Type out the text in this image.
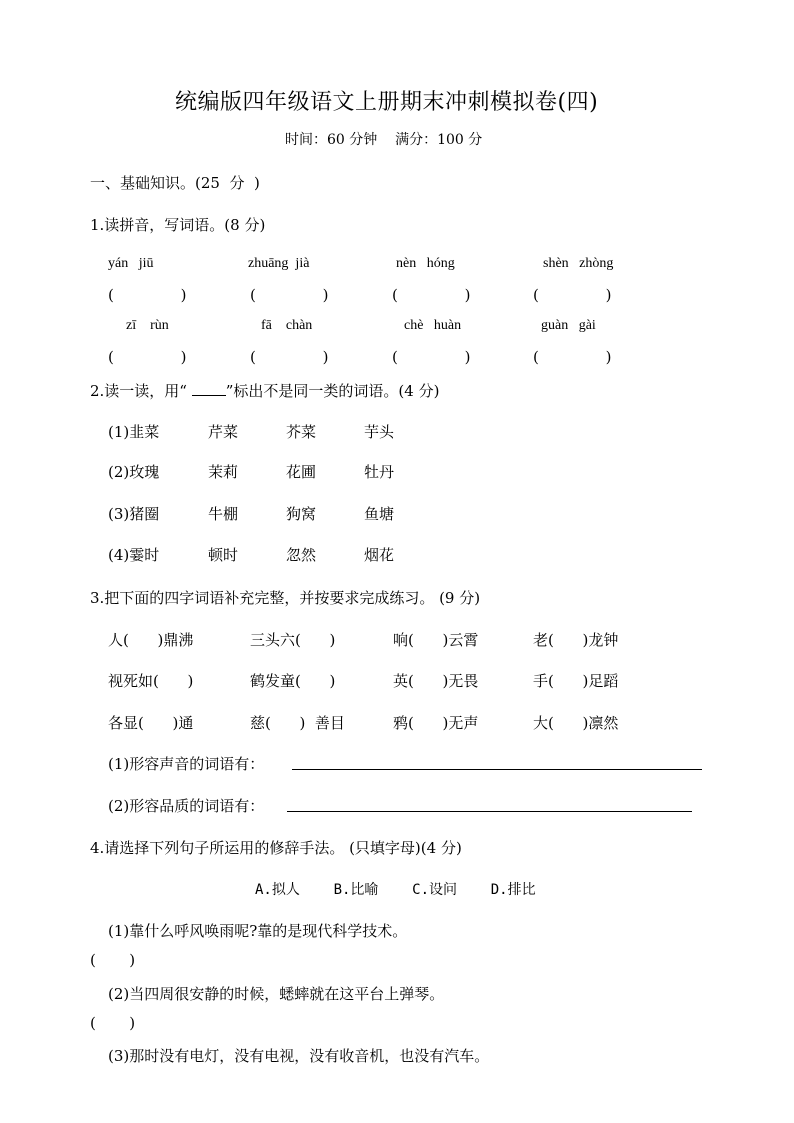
统编版四年级语文上册期末冲刺模拟卷(四)
时间：60 分钟    满分：100 分
一、基础知识。(25  分  )
1.读拼音，写词语。(8 分)
yán   jiū	zhuāng  jià	nèn   hóng	shèn   zhòng
(              )	(              )	(              )	(              )
zī    rùn	fā    chàn	chè   huàn	guàn   gài
(              )	(              )	(              )	(              )
2.读一读，用“ ”标出不是同一类的词语。(4 分)
(1)韭菜	芹菜	芥菜	芋头
(2)玫瑰	茉莉	花圃	牡丹
(3)猪圈	牛棚	狗窝	鱼塘
(4)霎时	顿时	忽然	烟花
3.把下面的四字词语补充完整，并按要求完成练习。 (9 分)
人(      )鼎沸	三头六(      )	响(      )云霄	老(      )龙钟
视死如(      )	鹤发童(      )	英(      )无畏	手(      )足蹈
各显(      )通	慈(      )  善目	鸦(      )无声	大(      )凛然
(1)形容声音的词语有：
(2)形容品质的词语有：
4.请选择下列句子所运用的修辞手法。 (只填字母)(4 分)
A.拟人    B.比喻    C.设问    D.排比
(1)靠什么呼风唤雨呢?靠的是现代科学技术。
(       )
(2)当四周很安静的时候，蟋蟀就在这平台上弹琴。
(       )
(3)那时没有电灯，没有电视，没有收音机，也没有汽车。
